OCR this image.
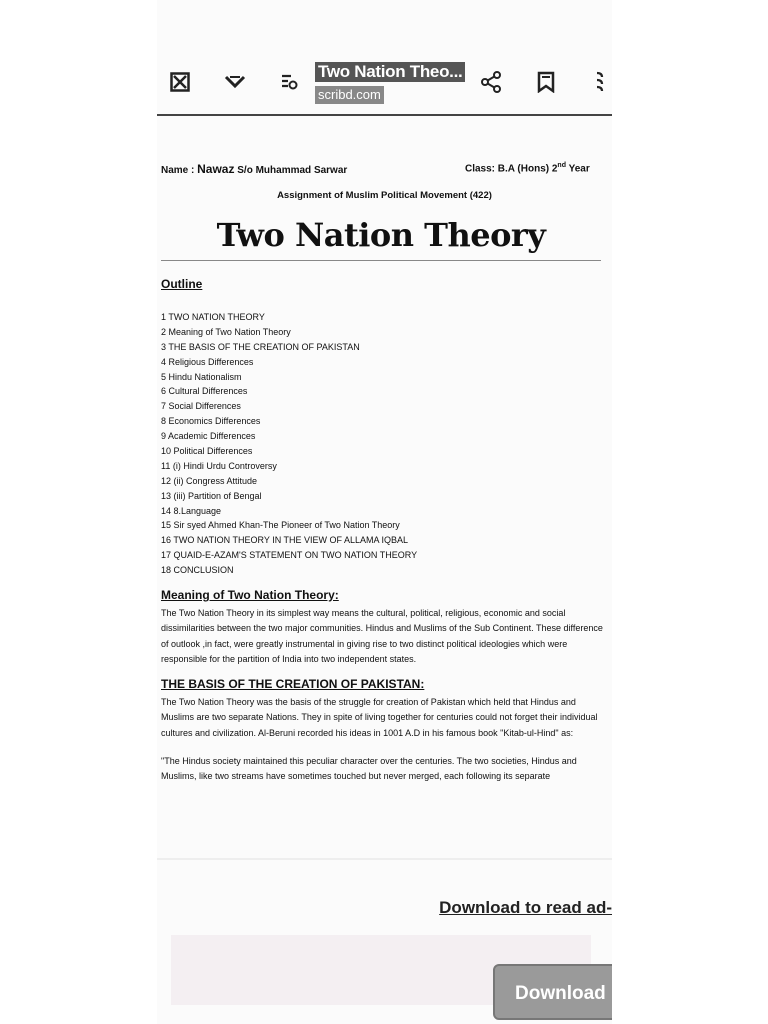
Two Nation Theo...
scribd.com
Name : Nawaz S/o Muhammad Sarwar	Class: B.A (Hons) 2nd Year
Assignment of Muslim Political Movement (422)
Two Nation Theory
Outline
1 TWO NATION THEORY
2 Meaning of Two Nation Theory
3 THE BASIS OF THE CREATION OF PAKISTAN
4 Religious Differences
5 Hindu Nationalism
6 Cultural Differences
7 Social Differences
8 Economics Differences
9 Academic Differences
10 Political Differences
11 (i) Hindi Urdu Controversy
12 (ii) Congress Attitude
13 (iii) Partition of Bengal
14 8.Language
15 Sir syed Ahmed Khan-The Pioneer of Two Nation Theory
16 TWO NATION THEORY IN THE VIEW OF ALLAMA IQBAL
17 QUAID-E-AZAM'S STATEMENT ON TWO NATION THEORY
18 CONCLUSION
Meaning of Two Nation Theory:

The Two Nation Theory in its simplest way means the cultural, political, religious, economic and social dissimilarities between the two major communities. Hindus and Muslims of the Sub Continent. These difference of outlook ,in fact, were greatly instrumental in giving rise to two distinct political ideologies which were responsible for the partition of India into two independent states.

THE BASIS OF THE CREATION OF PAKISTAN:

The Two Nation Theory was the basis of the struggle for creation of Pakistan which held that Hindus and Muslims are two separate Nations. They in spite of living together for centuries could not forget their individual cultures and civilization. Al-Beruni recorded his ideas in 1001 A.D in his famous book "Kitab-ul-Hind" as:

"The Hindus society maintained this peculiar character over the centuries. The two societies, Hindus and Muslims, like two streams have sometimes touched but never merged, each following its separate

Download to read ad-
Download
